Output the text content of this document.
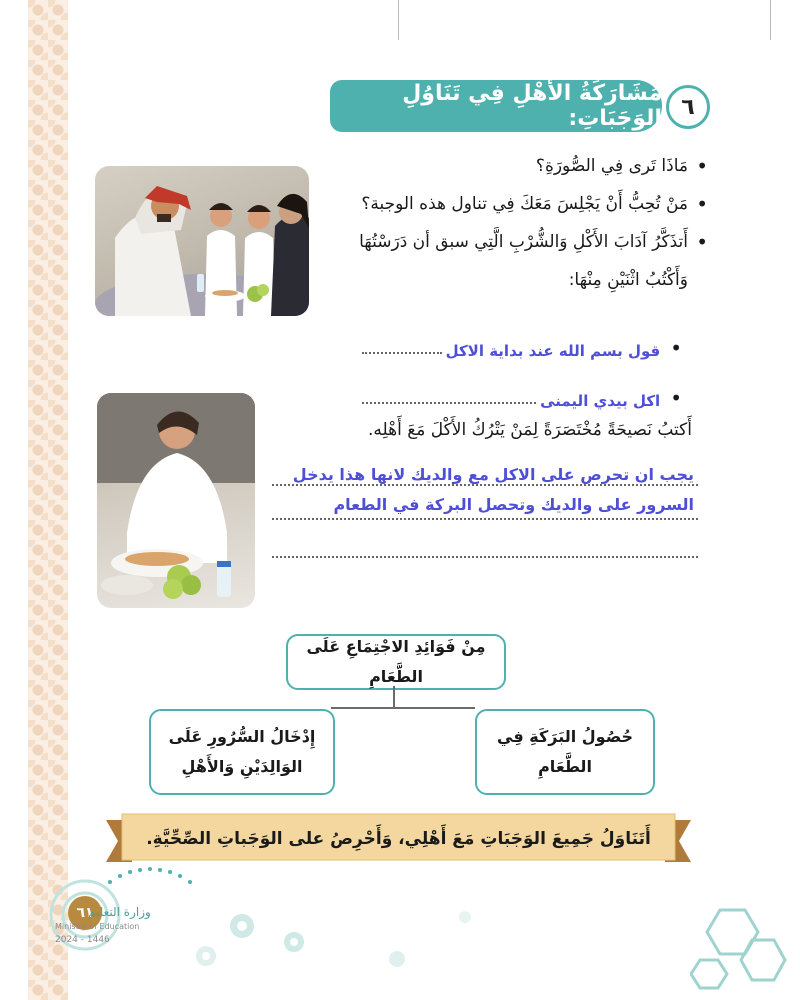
٦
مُشَارَكَةُ الأَهْلِ فِي تَنَاوُلِ الوَجَبَاتِ:
• مَاذَا تَرى فِي الصُّورَةِ؟
• مَنْ تُحِبُّ أَنْ يَجْلِسَ مَعَكَ فِي تناول هذه الوجبة؟
• أَتذَكَّرُ آدَابَ الأَكْلِ وَالشُّرْبِ الَّتِي سبق أن دَرَسْتُهَا
وَأَكْتُبُ اثْنَيْنِ مِنْهَا:
•
قول بسم الله عند بداية الاكل
•
اكل بيدي اليمنى
أَكتبُ نَصيحَةً مُخْتَصَرَةً لِمَنْ يَتْرُكُ الأَكْلَ مَعَ أَهْلِه.
يجب ان تحرص على الاكل مع والديك لانها هذا يدخل
السرور على والديك وتحصل البركة في الطعام
مِنْ فَوَائِدِ الاجْتِمَاعِ عَلَى الطَّعَامِ
حُصُولُ البَرَكَةِ فِي
الطَّعَامِ
إِدْخَالُ السُّرُورِ عَلَى
الوَالِدَيْنِ وَالأَهْلِ
أَتَنَاوَلُ جَمِيعَ الوَجَبَاتِ مَعَ أَهْلِي، وَأَحْرِصُ على الوَجَباتِ الصِّحِّيَّةِ.
٦١
وزارة التعليم
Ministry of Education
2024 - 1446
